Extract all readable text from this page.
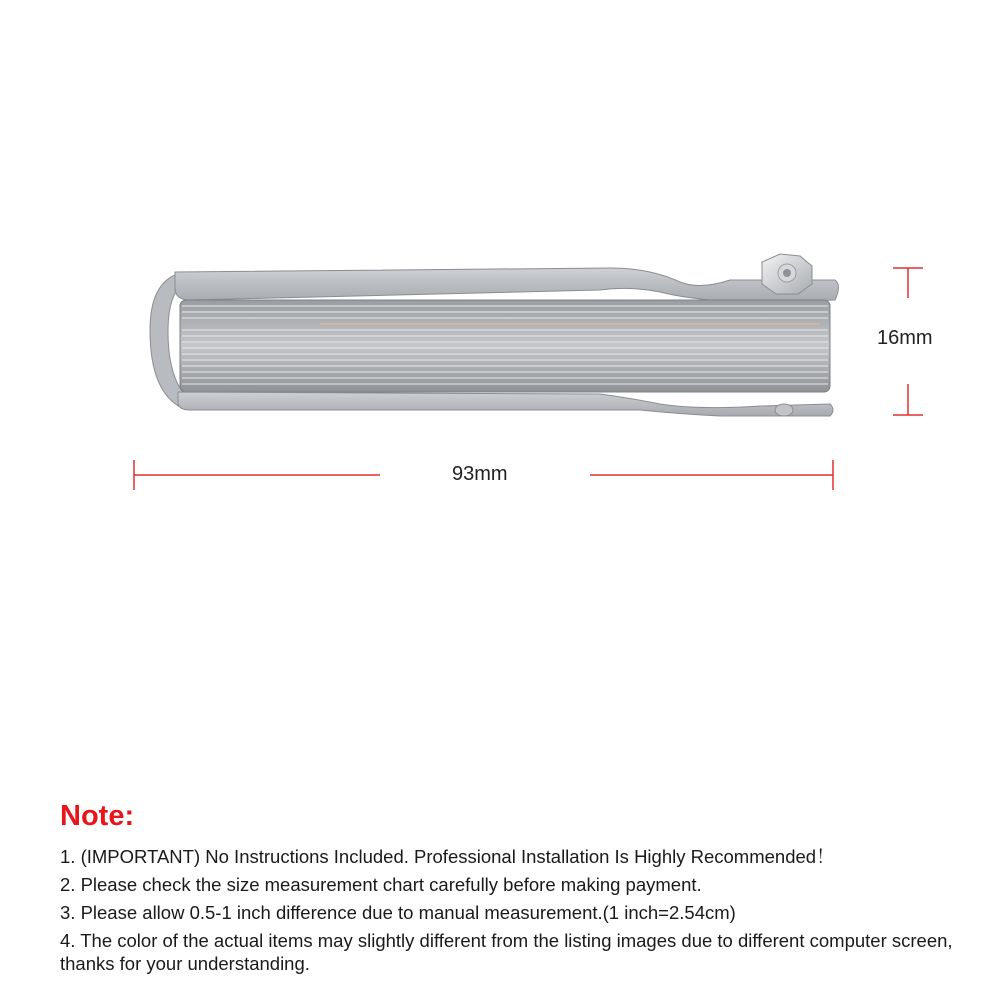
93mm
16mm
Note:
1. (IMPORTANT) No Instructions Included. Professional Installation Is Highly Recommended！
2. Please check the size measurement chart carefully before making payment.
3. Please allow 0.5-1 inch difference due to manual measurement.(1 inch=2.54cm)
4. The color of the actual items may slightly different from the listing images due to different computer screen, thanks for your understanding.
